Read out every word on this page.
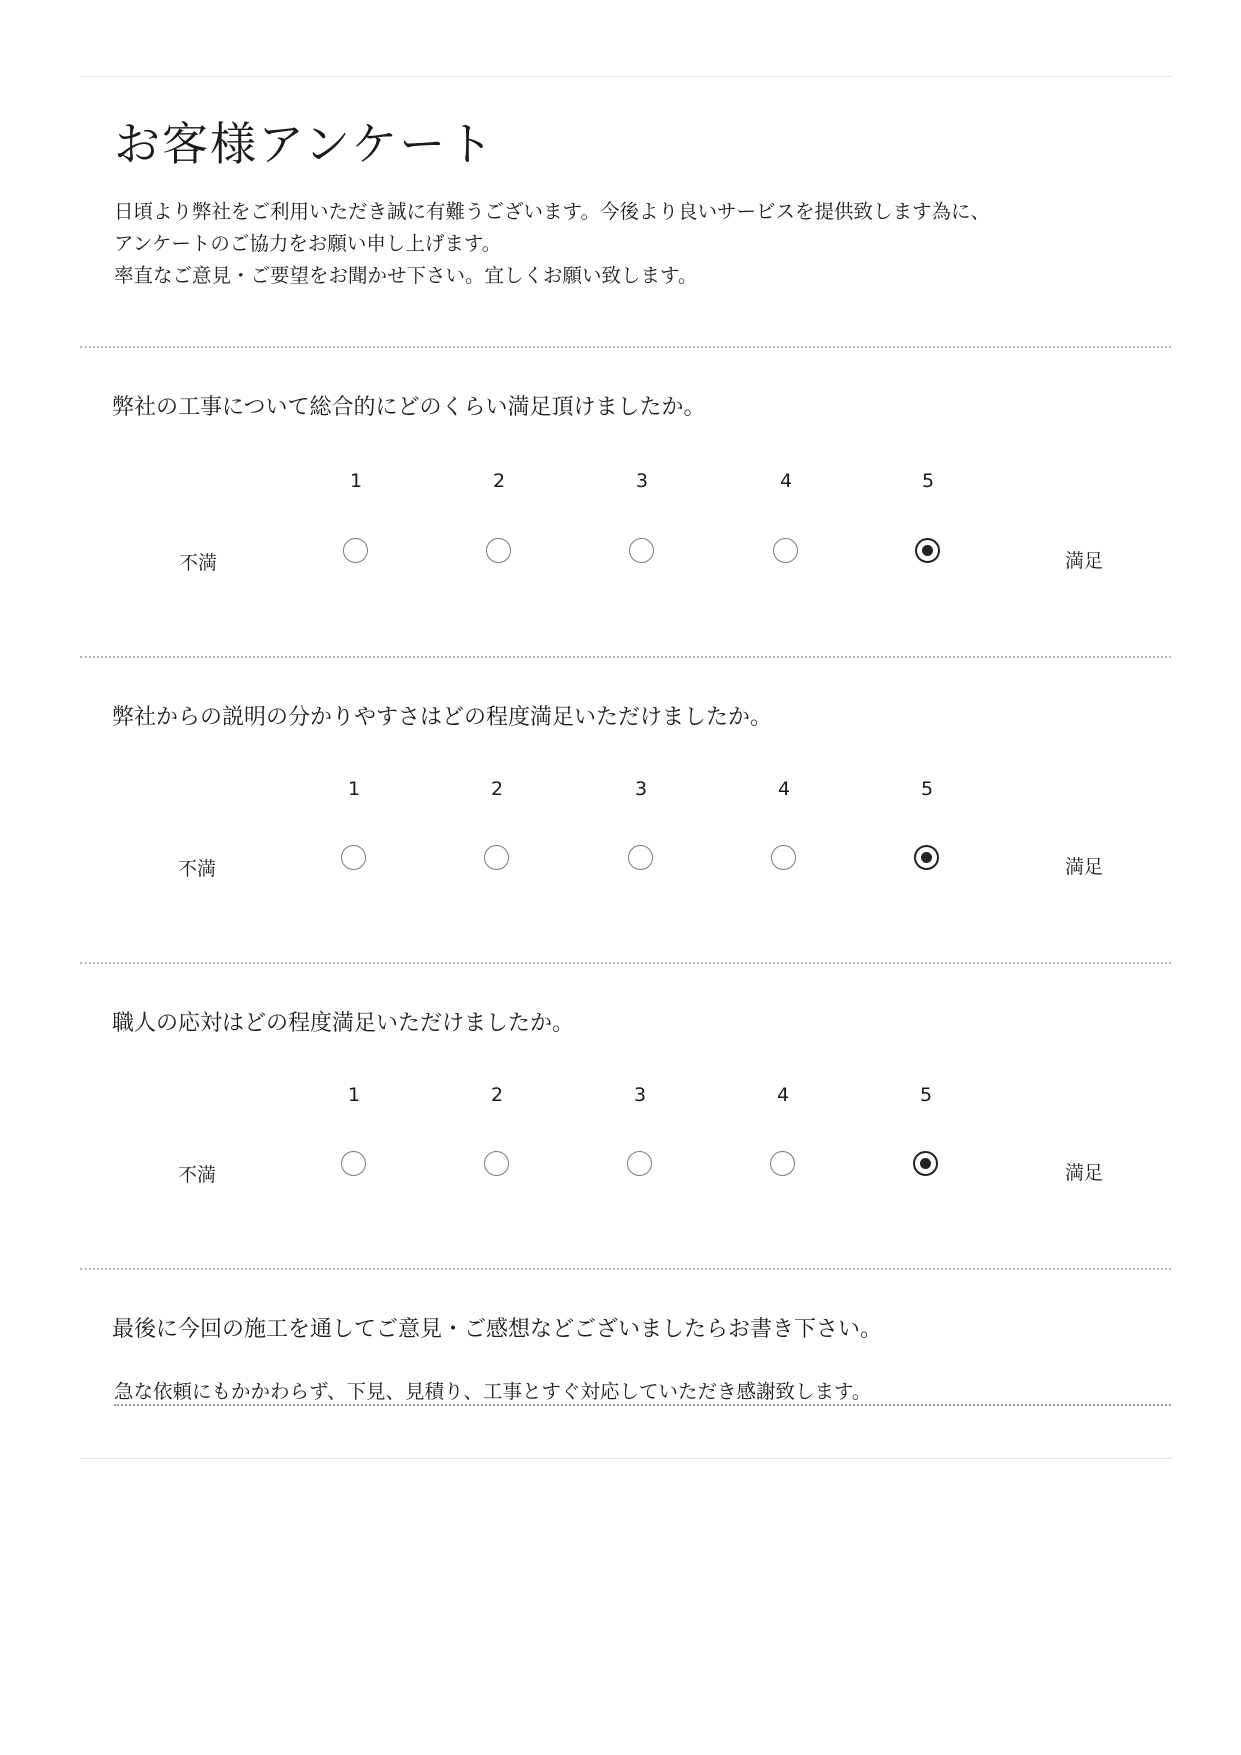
お客様アンケート

日頃より弊社をご利用いただき誠に有難うございます。今後より良いサービスを提供致します為に、

アンケートのご協力をお願い申し上げます。

率直なご意見・ご要望をお聞かせ下さい。宜しくお願い致します。

弊社の工事について総合的にどのくらい満足頂けましたか。
1	2	3	4	5
不満	満足
弊社からの説明の分かりやすさはどの程度満足いただけましたか。
1	2	3	4	5
不満	満足
職人の応対はどの程度満足いただけましたか。
1	2	3	4	5
不満	満足
最後に今回の施工を通してご意見・ご感想などございましたらお書き下さい。
急な依頼にもかかわらず、下見、見積り、工事とすぐ対応していただき感謝致します。
